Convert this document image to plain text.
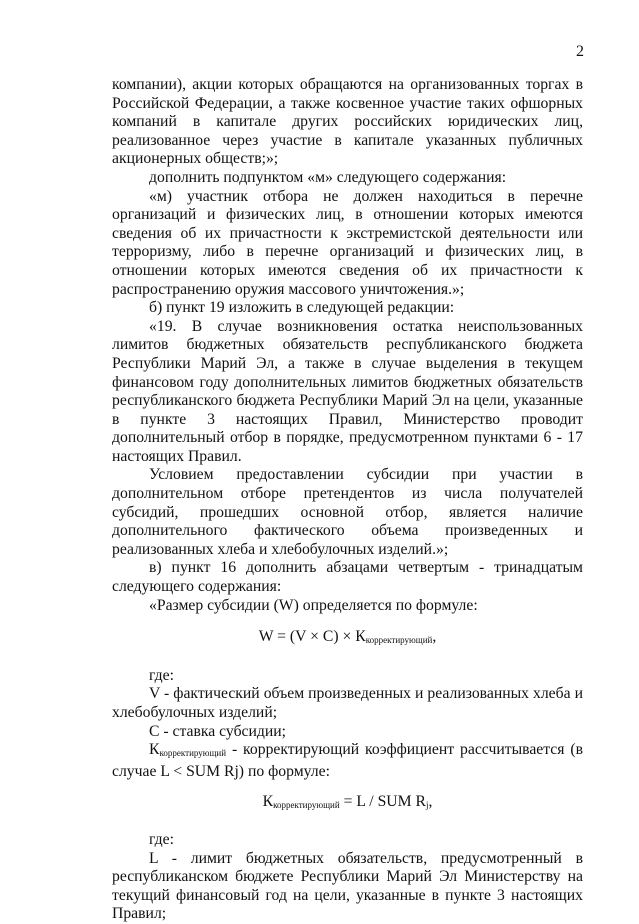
2

компании), акции которых обращаются на организованных торгах в Российской Федерации, а также косвенное участие таких офшорных компаний в капитале других российских юридических лиц, реализованное через участие в капитале указанных публичных акционерных обществ;»;

дополнить подпунктом «м» следующего содержания:

«м) участник отбора не должен находиться в перечне организаций и физических лиц, в отношении которых имеются сведения об их причастности к экстремистской деятельности или терроризму, либо в перечне организаций и физических лиц, в отношении которых имеются сведения об их причастности к распространению оружия массового уничтожения.»;

б) пункт 19 изложить в следующей редакции:

«19. В случае возникновения остатка неиспользованных лимитов бюджетных обязательств республиканского бюджета Республики Марий Эл, а также в случае выделения в текущем финансовом году дополнительных лимитов бюджетных обязательств республиканского бюджета Республики Марий Эл на цели, указанные в пункте 3 настоящих Правил, Министерство проводит дополнительный отбор в порядке, предусмотренном пунктами 6 - 17 настоящих Правил.

Условием предоставлении субсидии при участии в дополнительном отборе претендентов из числа получателей субсидий, прошедших основной отбор, является наличие дополнительного фактического объема произведенных и реализованных хлеба и хлебобулочных изделий.»;

в) пункт 16 дополнить абзацами четвертым - тринадцатым следующего содержания:

«Размер субсидии (W) определяется по формуле:

$W = (V \times С) \times К_{корректирующий}$,

где:

V - фактический объем произведенных и реализованных хлеба и хлебобулочных изделий;

С - ставка субсидии;

Ккорректирующий - корректирующий коэффициент рассчитывается (в случае L < SUM Rj) по формуле:

$К_{корректирующий} = L$ / SUM $R_j$,

где:

L - лимит бюджетных обязательств, предусмотренный в республиканском бюджете Республики Марий Эл Министерству на текущий финансовый год на цели, указанные в пункте 3 настоящих Правил;
